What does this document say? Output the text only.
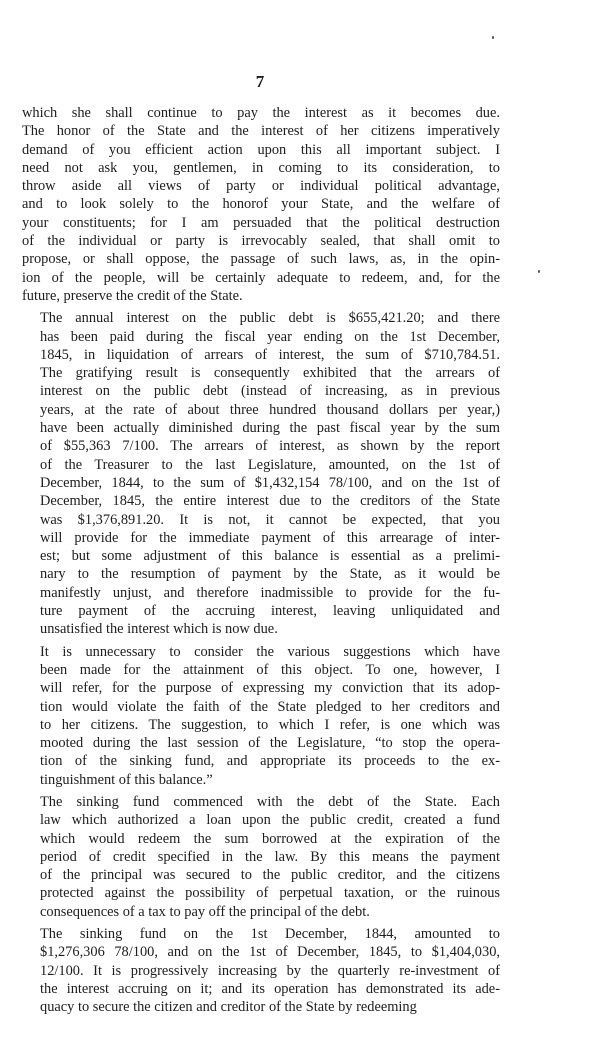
7
which she shall continue to pay the interest as it becomes due.
The honor of the State and the interest of her citizens imperatively
demand of you efficient action upon this all important subject. I
need not ask you, gentlemen, in coming to its consideration, to
throw aside all views of party or individual political advantage,
and to look solely to the honorof your State, and the welfare of
your constituents; for I am persuaded that the political destruction
of the individual or party is irrevocably sealed, that shall omit to
propose, or shall oppose, the passage of such laws, as, in the opin-
ion of the people, will be certainly adequate to redeem, and, for the
future, preserve the credit of the State.
The annual interest on the public debt is $655,421.20; and there
has been paid during the fiscal year ending on the 1st December,
1845, in liquidation of arrears of interest, the sum of $710,784.51.
The gratifying result is consequently exhibited that the arrears of
interest on the public debt (instead of increasing, as in previous
years, at the rate of about three hundred thousand dollars per year,)
have been actually diminished during the past fiscal year by the sum
of $55,363 7/100. The arrears of interest, as shown by the report
of the Treasurer to the last Legislature, amounted, on the 1st of
December, 1844, to the sum of $1,432,154 78/100, and on the 1st of
December, 1845, the entire interest due to the creditors of the State
was $1,376,891.20. It is not, it cannot be expected, that you
will provide for the immediate payment of this arrearage of inter-
est; but some adjustment of this balance is essential as a prelimi-
nary to the resumption of payment by the State, as it would be
manifestly unjust, and therefore inadmissible to provide for the fu-
ture payment of the accruing interest, leaving unliquidated and
unsatisfied the interest which is now due.
It is unnecessary to consider the various suggestions which have
been made for the attainment of this object. To one, however, I
will refer, for the purpose of expressing my conviction that its adop-
tion would violate the faith of the State pledged to her creditors and
to her citizens. The suggestion, to which I refer, is one which was
mooted during the last session of the Legislature, “to stop the opera-
tion of the sinking fund, and appropriate its proceeds to the ex-
tinguishment of this balance.”
The sinking fund commenced with the debt of the State. Each
law which authorized a loan upon the public credit, created a fund
which would redeem the sum borrowed at the expiration of the
period of credit specified in the law. By this means the payment
of the principal was secured to the public creditor, and the citizens
protected against the possibility of perpetual taxation, or the ruinous
consequences of a tax to pay off the principal of the debt.
The sinking fund on the 1st December, 1844, amounted to
$1,276,306 78/100, and on the 1st of December, 1845, to $1,404,030,
12/100. It is progressively increasing by the quarterly re-investment of
the interest accruing on it; and its operation has demonstrated its ade-
quacy to secure the citizen and creditor of the State by redeeming
